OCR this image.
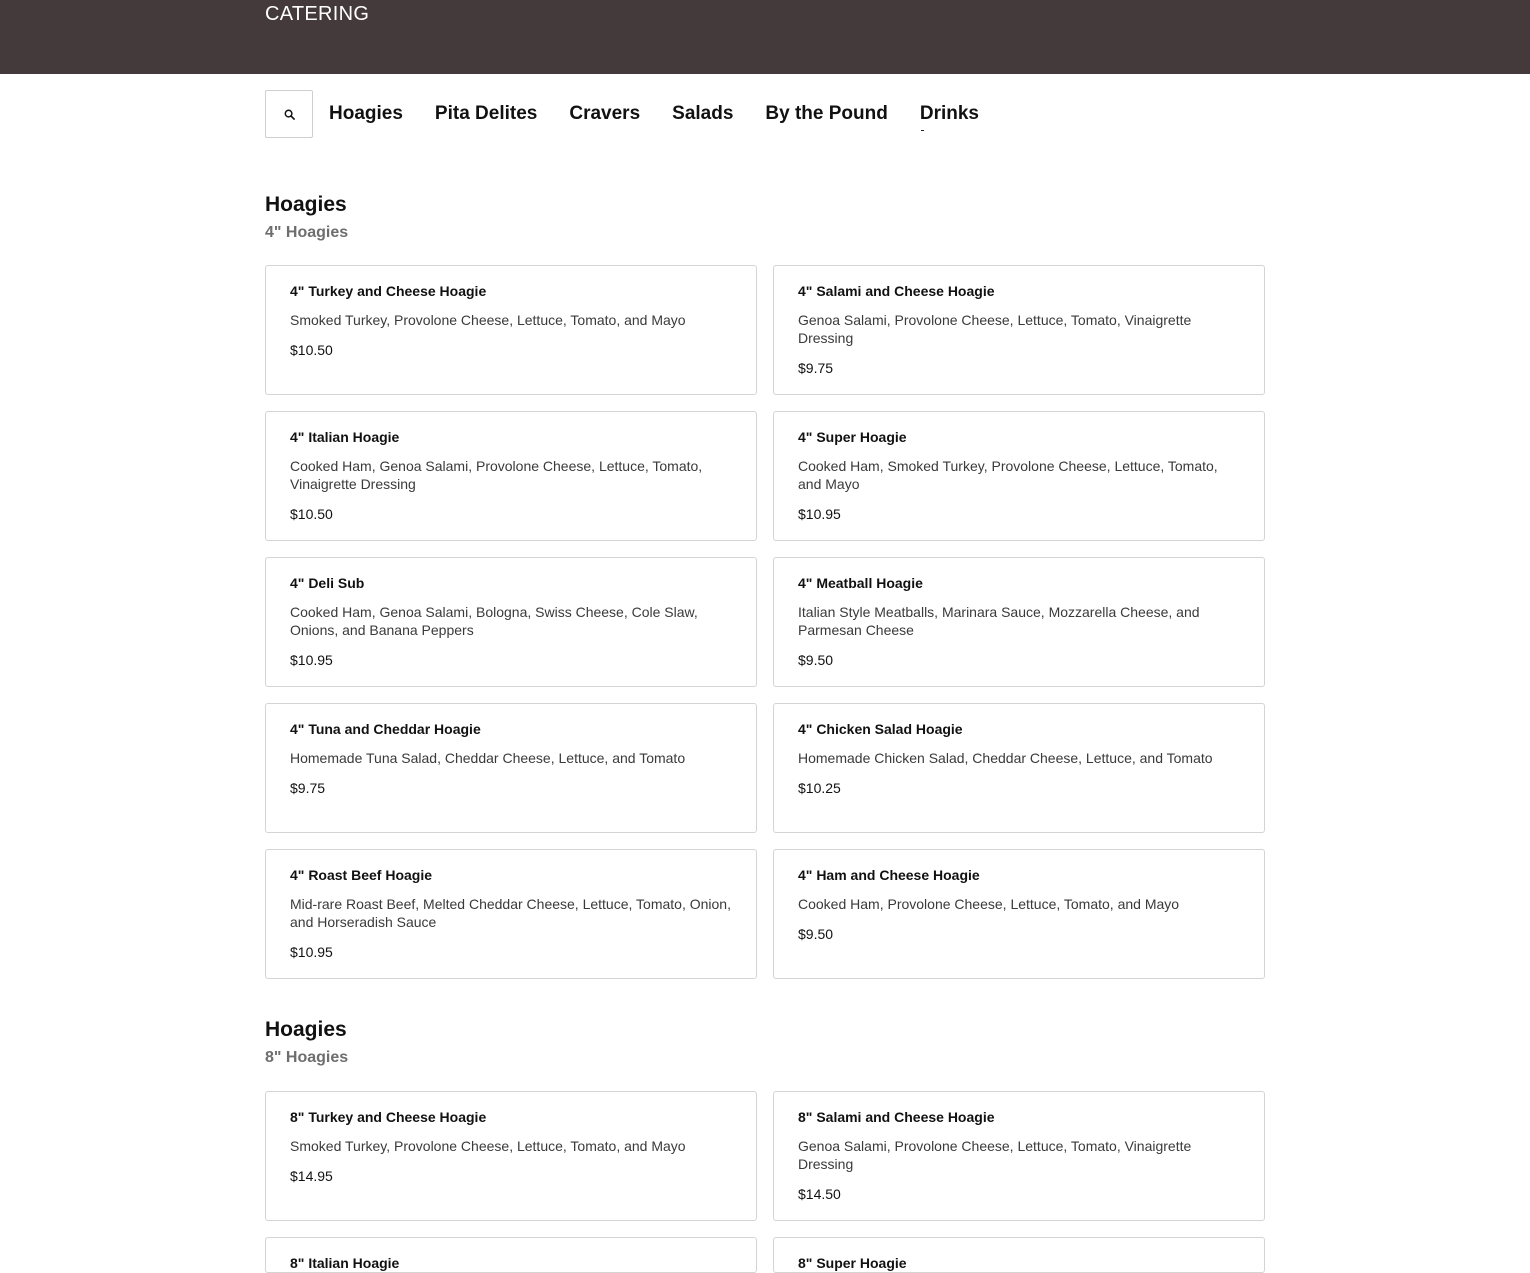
CATERING
Hoagies Pita Delites Cravers Salads By the Pound Drinks
Hoagies
4" Hoagies
4" Turkey and Cheese Hoagie
Smoked Turkey, Provolone Cheese, Lettuce, Tomato, and Mayo
$10.50
4" Salami and Cheese Hoagie
Genoa Salami, Provolone Cheese, Lettuce, Tomato, Vinaigrette Dressing
$9.75
4" Italian Hoagie
Cooked Ham, Genoa Salami, Provolone Cheese, Lettuce, Tomato, Vinaigrette Dressing
$10.50
4" Super Hoagie
Cooked Ham, Smoked Turkey, Provolone Cheese, Lettuce, Tomato, and Mayo
$10.95
4" Deli Sub
Cooked Ham, Genoa Salami, Bologna, Swiss Cheese, Cole Slaw, Onions, and Banana Peppers
$10.95
4" Meatball Hoagie
Italian Style Meatballs, Marinara Sauce, Mozzarella Cheese, and Parmesan Cheese
$9.50
4" Tuna and Cheddar Hoagie
Homemade Tuna Salad, Cheddar Cheese, Lettuce, and Tomato
$9.75
4" Chicken Salad Hoagie
Homemade Chicken Salad, Cheddar Cheese, Lettuce, and Tomato
$10.25
4" Roast Beef Hoagie
Mid-rare Roast Beef, Melted Cheddar Cheese, Lettuce, Tomato, Onion, and Horseradish Sauce
$10.95
4" Ham and Cheese Hoagie
Cooked Ham, Provolone Cheese, Lettuce, Tomato, and Mayo
$9.50
Hoagies
8" Hoagies
8" Turkey and Cheese Hoagie
Smoked Turkey, Provolone Cheese, Lettuce, Tomato, and Mayo
$14.95
8" Salami and Cheese Hoagie
Genoa Salami, Provolone Cheese, Lettuce, Tomato, Vinaigrette Dressing
$14.50
8" Italian Hoagie	8" Super Hoagie
